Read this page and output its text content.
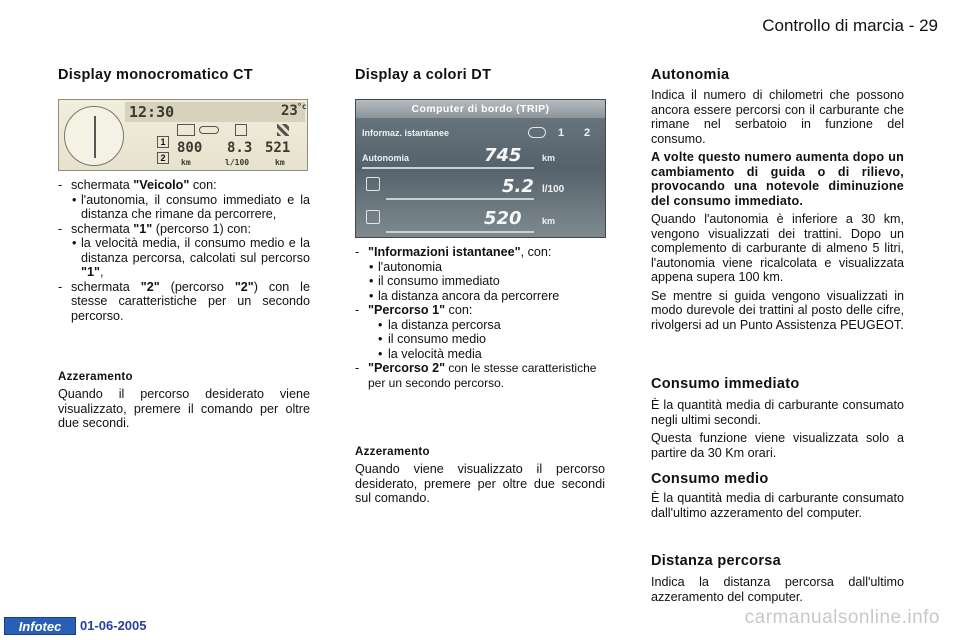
Controllo di marcia - 29
Display monocromatico CT
12:30	23 °c
1
2
800 8.3 521
km	l/100	km
- schermata "Veicolo" con:
• l'autonomia, il consumo immediato e la distanza che rimane da percorrere,
- schermata "1" (percorso 1) con:
• la velocità media, il consumo medio e la distanza percorsa, calcolati sul percorso "1",
- schermata "2" (percorso "2") con le stesse caratteristiche per un secondo percorso.
Azzeramento

Quando il percorso desiderato viene visualizzato, premere il comando per oltre due secondi.

Display a colori DT
Computer di bordo (TRIP)
Informaz. istantanee	1 2
Autonomia	745 km
5.2 l/100
520 km
- "Informazioni istantanee", con:
• l'autonomia
• il consumo immediato
• la distanza ancora da percorrere
- "Percorso 1" con:
• la distanza percorsa
• il consumo medio
• la velocità media
- "Percorso 2" con le stesse caratteristiche per un secondo percorso.
Azzeramento

Quando viene visualizzato il percorso desiderato, premere per oltre due secondi sul comando.

Autonomia

Indica il numero di chilometri che possono ancora essere percorsi con il carburante che rimane nel serbatoio in funzione del consumo.

A volte questo numero aumenta dopo un cambiamento di guida o di rilievo, provocando una notevole diminuzione del consumo immediato.

Quando l'autonomia è inferiore a 30 km, vengono visualizzati dei trattini. Dopo un complemento di carburante di almeno 5 litri, l'autonomia viene ricalcolata e visualizzata appena supera 100 km.

Se mentre si guida vengono visualizzati in modo durevole dei trattini al posto delle cifre, rivolgersi ad un Punto Assistenza PEUGEOT.

Consumo immediato

È la quantità media di carburante consumato negli ultimi secondi.

Questa funzione viene visualizzata solo a partire da 30 Km orari.

Consumo medio

È la quantità media di carburante consumato dall'ultimo azzeramento del computer.

Distanza percorsa

Indica la distanza percorsa dall'ultimo azzeramento del computer.

Infotec	01-06-2005	carmanualsonline.info
